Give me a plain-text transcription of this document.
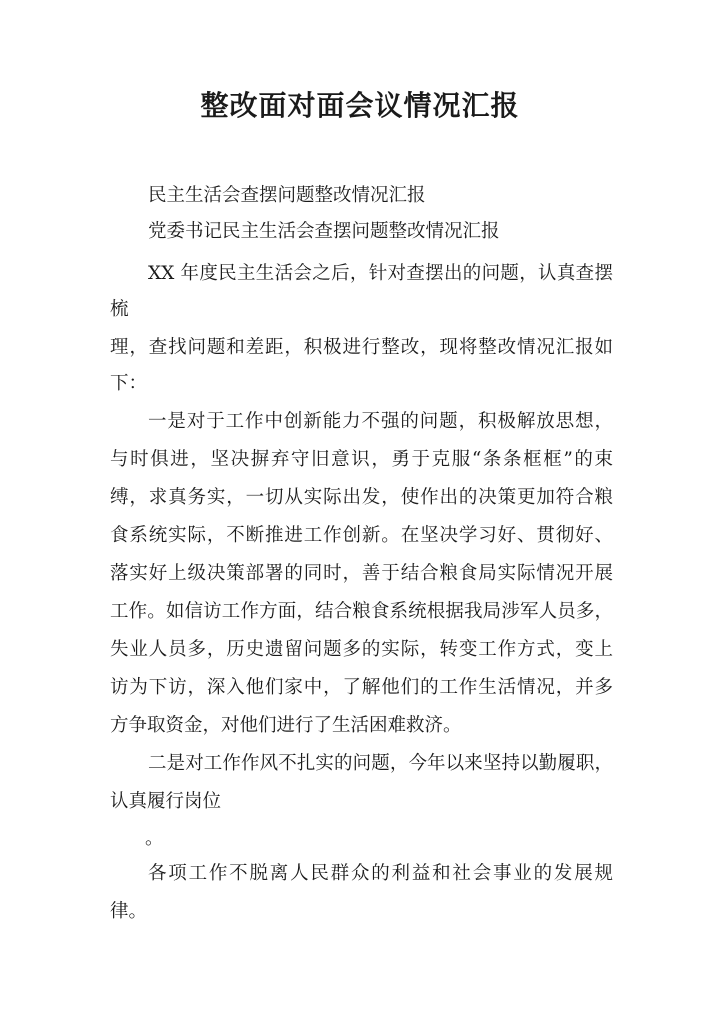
整改面对面会议情况汇报
民主生活会查摆问题整改情况汇报
党委书记民主生活会查摆问题整改情况汇报
XX 年度民主生活会之后，针对查摆出的问题，认真查摆
梳
理，查找问题和差距，积极进行整改，现将整改情况汇报如
下：
一是对于工作中创新能力不强的问题，积极解放思想，
与时俱进，坚决摒弃守旧意识，勇于克服“条条框框”的束
缚，求真务实，一切从实际出发，使作出的决策更加符合粮
食系统实际，不断推进工作创新。在坚决学习好、贯彻好、
落实好上级决策部署的同时，善于结合粮食局实际情况开展
工作。如信访工作方面，结合粮食系统根据我局涉军人员多，
失业人员多，历史遗留问题多的实际，转变工作方式，变上
访为下访，深入他们家中，了解他们的工作生活情况，并多
方争取资金，对他们进行了生活困难救济。
二是对工作作风不扎实的问题，今年以来坚持以勤履职，
认真履行岗位
。
各项工作不脱离人民群众的利益和社会事业的发展规
律。
